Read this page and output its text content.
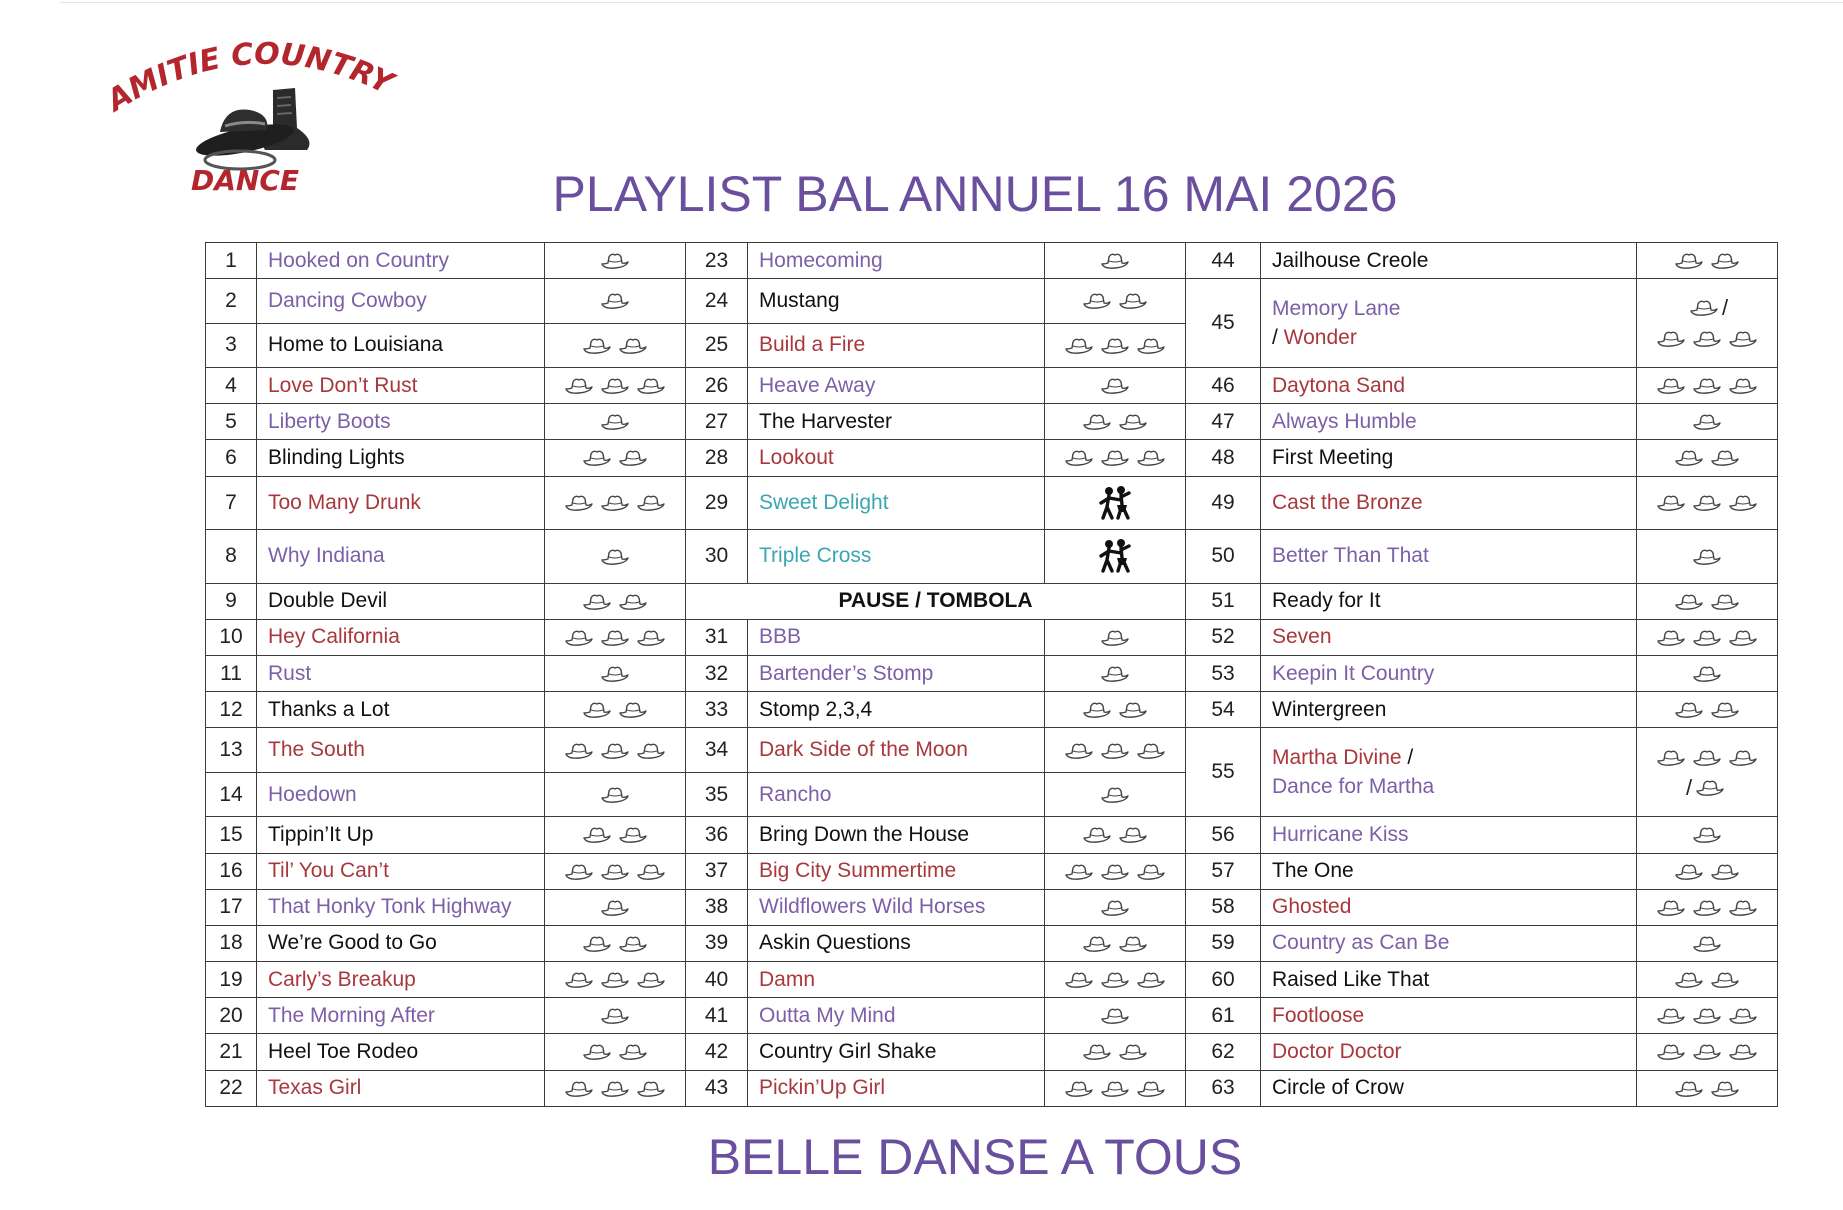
MITIE COUNTRY
DANCE	PLAYLIST BAL ANNUEL 16 MAI 2026
1	Hooked on Country		23	Homecoming		44	Jailhouse Creole	
2	Dancing Cowboy		24	Mustang		45	Memory Lane
/ Wonder	/

3	Home to Louisiana		25	Build a Fire	
4	Love Don’t Rust		26	Heave Away		46	Daytona Sand	
5	Liberty Boots		27	The Harvester		47	Always Humble	
6	Blinding Lights		28	Lookout		48	First Meeting	
7	Too Many Drunk		29	Sweet Delight		49	Cast the Bronze	
8	Why Indiana		30	Triple Cross		50	Better Than That	
9	Double Devil		PAUSE / TOMBOLA			51	Ready for It	
10	Hey California		31	BBB		52	Seven	
11	Rust		32	Bartender’s Stomp		53	Keepin It Country	
12	Thanks a Lot		33	Stomp 2,3,4		54	Wintergreen	
13	The South		34	Dark Side of the Moon		55	Martha Divine /
Dance for Martha	/

14	Hoedown		35	Rancho	
15	Tippin’It Up		36	Bring Down the House		56	Hurricane Kiss	
16	Til’ You Can’t		37	Big City Summertime		57	The One	
17	That Honky Tonk Highway		38	Wildflowers Wild Horses		58	Ghosted	
18	We’re Good to Go		39	Askin Questions		59	Country as Can Be	
19	Carly’s Breakup		40	Damn		60	Raised Like That	
20	The Morning After		41	Outta My Mind		61	Footloose	
21	Heel Toe Rodeo		42	Country Girl Shake		62	Doctor Doctor	
22	Texas Girl		43	Pickin’Up Girl		63	Circle of Crow	
BELLE DANSE A TOUS
